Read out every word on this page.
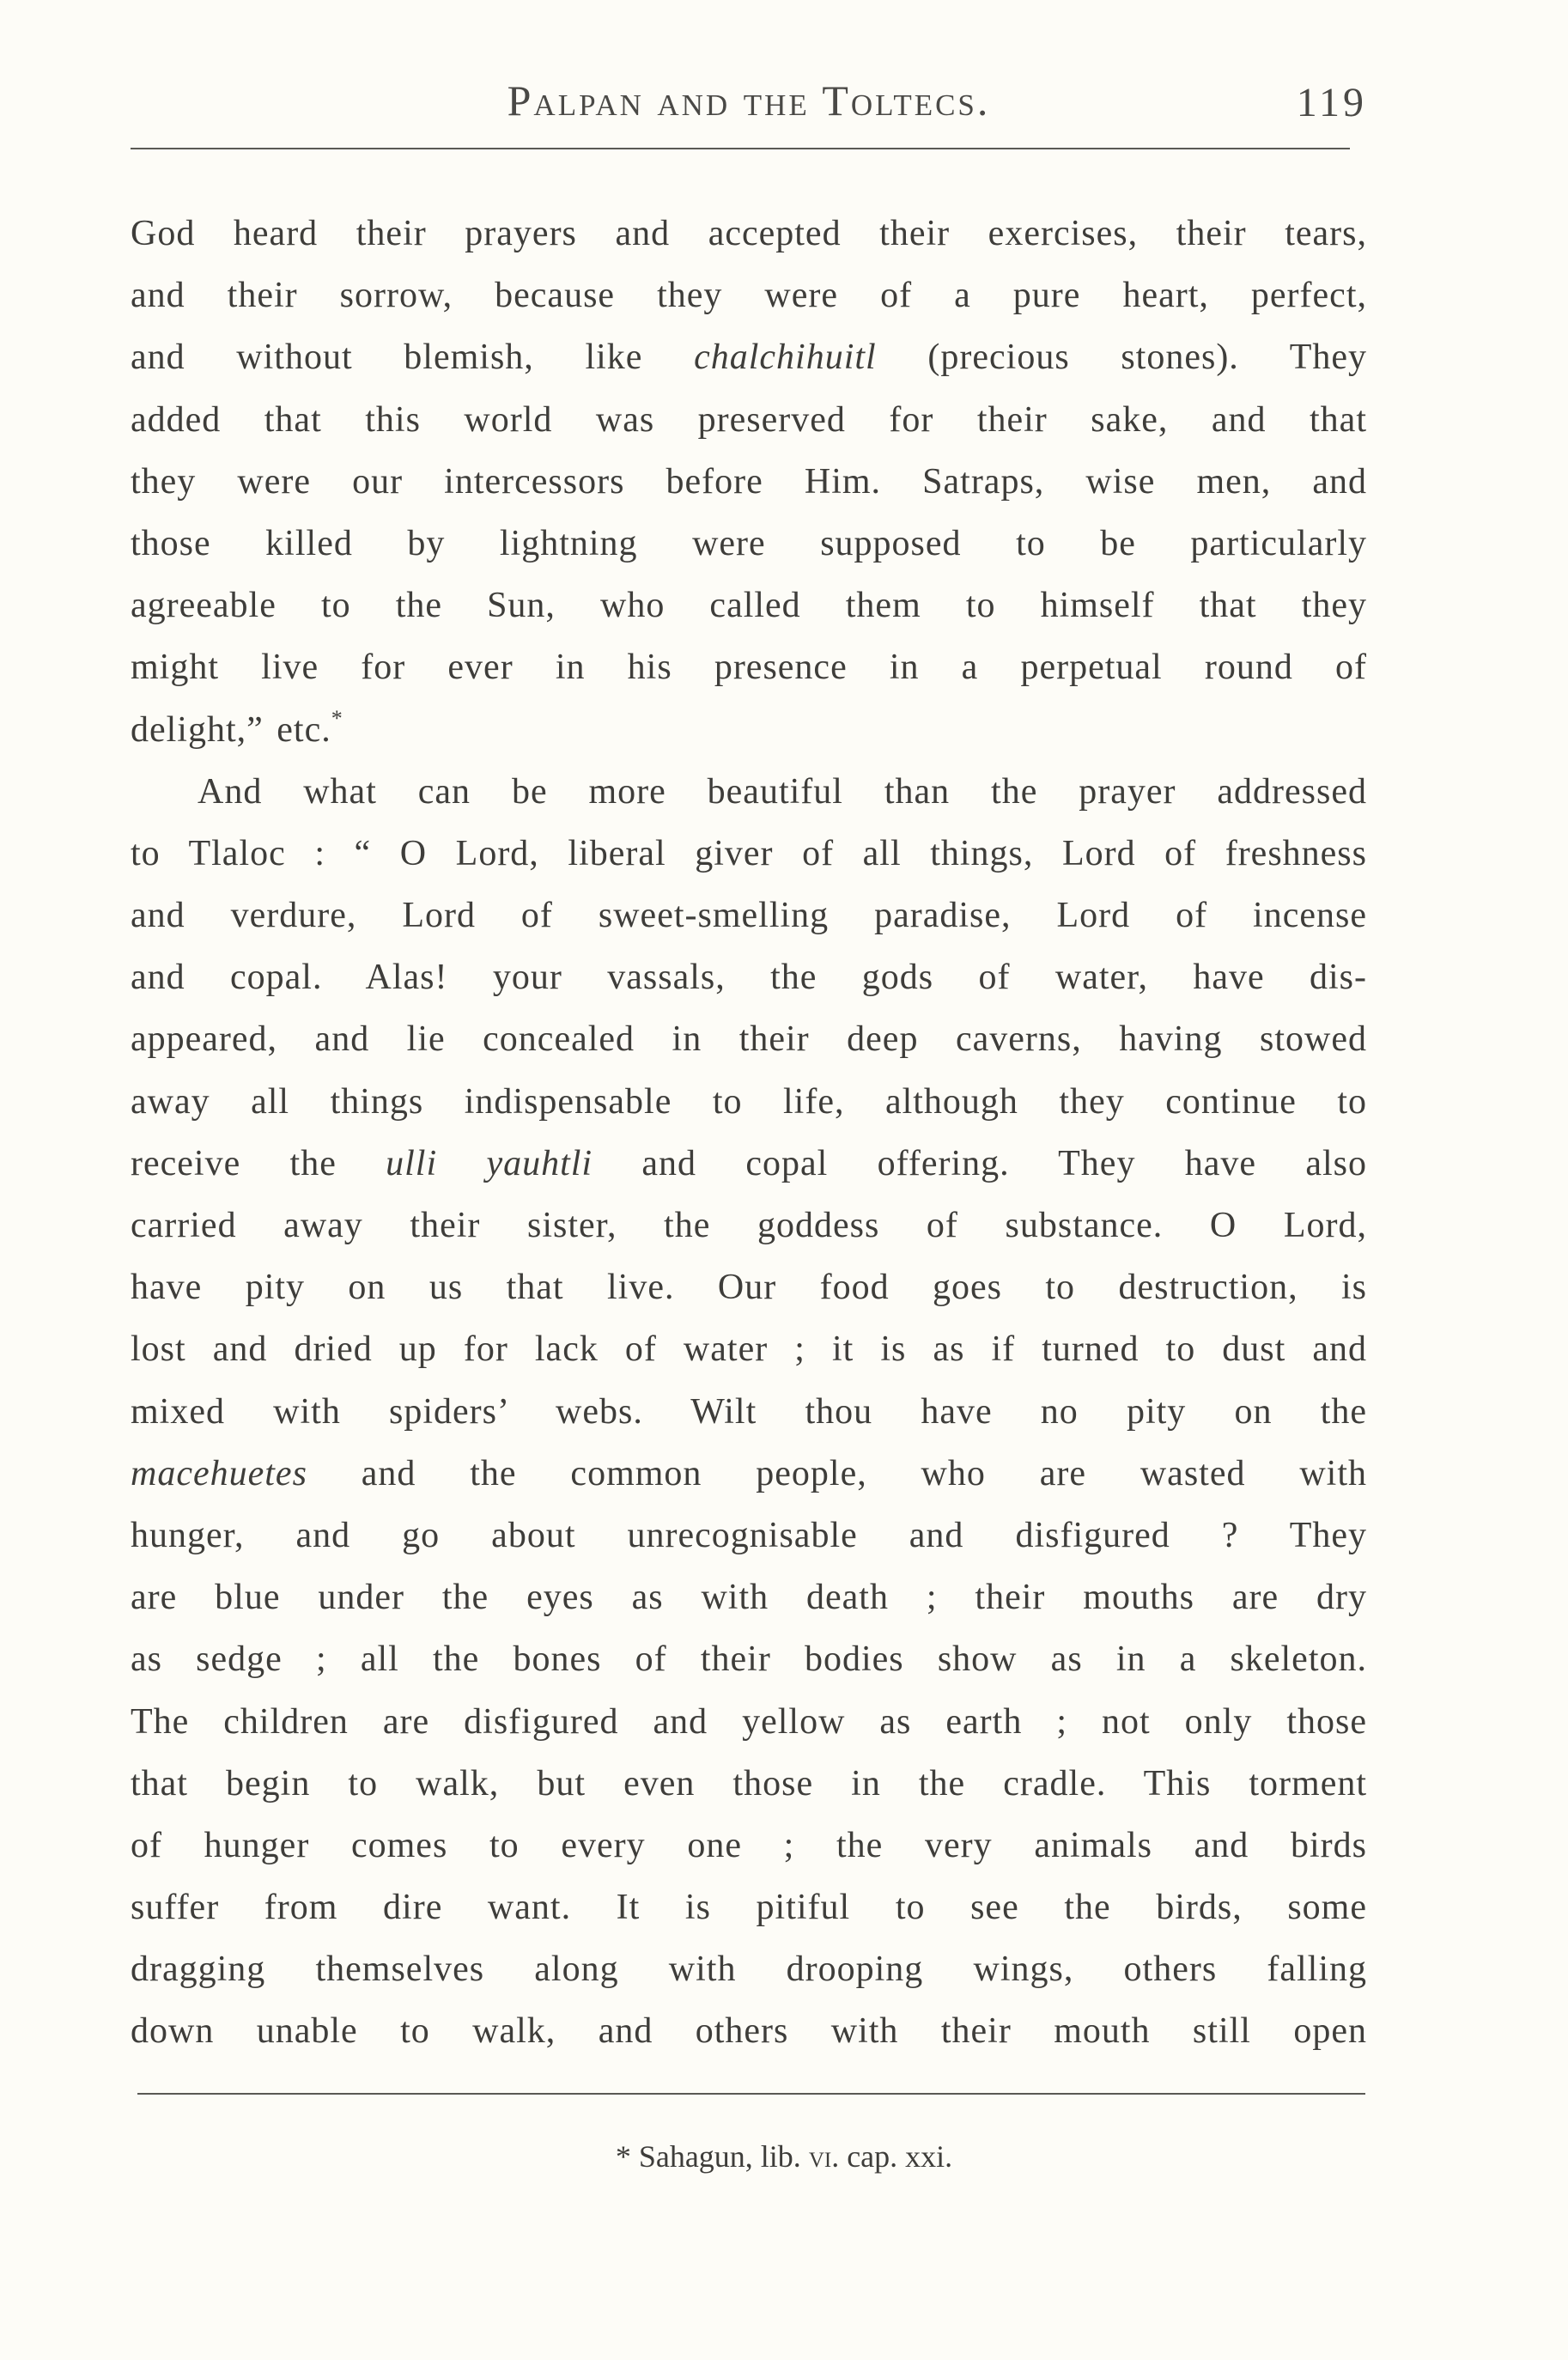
Palpan and the Toltecs.	119
God heard their prayers and accepted their exercises, their tears,
and their sorrow, because they were of a pure heart, perfect,
and without blemish, like chalchihuitl (precious stones). They
added that this world was preserved for their sake, and that
they were our intercessors before Him. Satraps, wise men, and
those killed by lightning were supposed to be particularly
agreeable to the Sun, who called them to himself that they
might live for ever in his presence in a perpetual round of
delight,” etc.*
And what can be more beautiful than the prayer addressed
to Tlaloc : “ O Lord, liberal giver of all things, Lord of freshness
and verdure, Lord of sweet-smelling paradise, Lord of incense
and copal. Alas! your vassals, the gods of water, have dis-
appeared, and lie concealed in their deep caverns, having stowed
away all things indispensable to life, although they continue to
receive the ulli yauhtli and copal offering. They have also
carried away their sister, the goddess of substance. O Lord,
have pity on us that live. Our food goes to destruction, is
lost and dried up for lack of water ; it is as if turned to dust and
mixed with spiders’ webs. Wilt thou have no pity on the
macehuetes and the common people, who are wasted with
hunger, and go about unrecognisable and disfigured ? They
are blue under the eyes as with death ; their mouths are dry
as sedge ; all the bones of their bodies show as in a skeleton.
The children are disfigured and yellow as earth ; not only those
that begin to walk, but even those in the cradle. This torment
of hunger comes to every one ; the very animals and birds
suffer from dire want. It is pitiful to see the birds, some
dragging themselves along with drooping wings, others falling
down unable to walk, and others with their mouth still open
* Sahagun, lib. vi. cap. xxi.
